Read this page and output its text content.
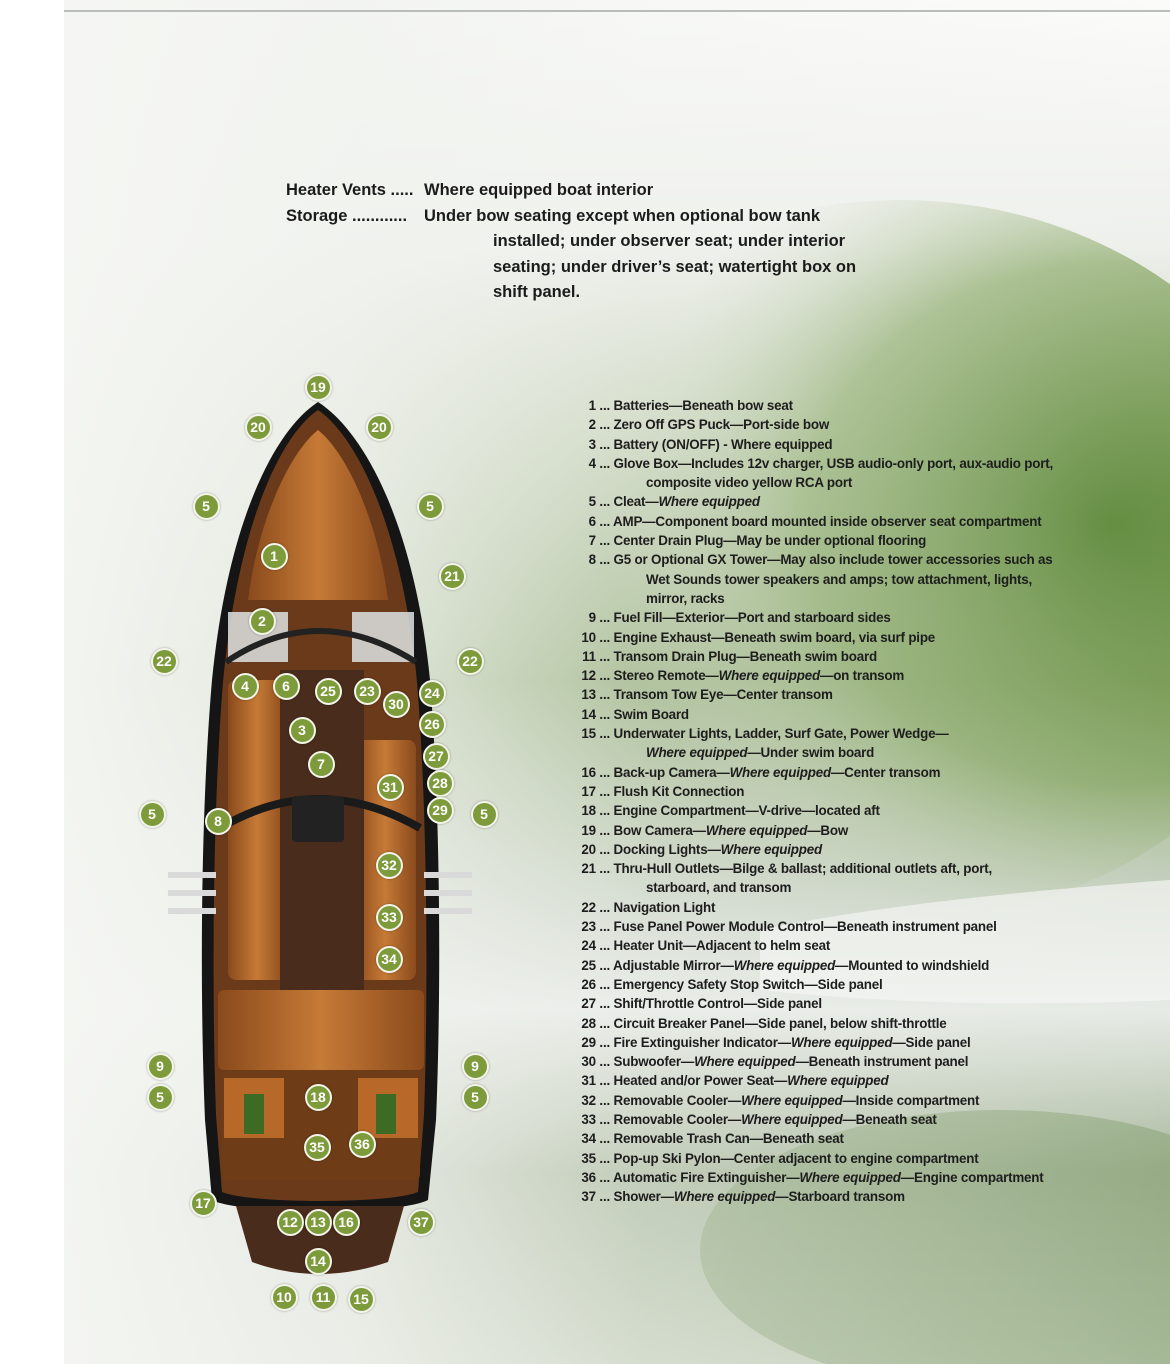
Heater Vents ..... Where equipped boat interior
Storage ............	Under bow seating except when optional bow tank
installed; under observer seat; under interior
seating; under driver’s seat; watertight box on
shift panel.
19
20	20
5	5
1
21
2
22	22
4	6	25	23
30
24
3	26
7	27
28
31
5	8
29	5
32
33
34
9	9
5	5
18
35	36
17
12 13 16	37
14
10	11	15
1 ... Batteries—Beneath bow seat
2 ... Zero Off GPS Puck—Port-side bow
3 ... Battery (ON/OFF) - Where equipped
4 ... Glove Box—Includes 12v charger, USB audio-only port, aux-audio port,
composite video yellow RCA port
5 ... Cleat—Where equipped
6 ... AMP—Component board mounted inside observer seat compartment
7 ... Center Drain Plug—May be under optional flooring
8 ... G5 or Optional GX Tower—May also include tower accessories such as
Wet Sounds tower speakers and amps; tow attachment, lights,
mirror, racks
9 ... Fuel Fill—Exterior—Port and starboard sides
10 ... Engine Exhaust—Beneath swim board, via surf pipe
11 ... Transom Drain Plug—Beneath swim board
12 ... Stereo Remote—Where equipped—on transom
13 ... Transom Tow Eye—Center transom
14 ... Swim Board
15 ... Underwater Lights, Ladder, Surf Gate, Power Wedge—
Where equipped—Under swim board
16 ... Back-up Camera—Where equipped—Center transom
17 ... Flush Kit Connection
18 ... Engine Compartment—V-drive—located aft
19 ... Bow Camera—Where equipped—Bow
20 ... Docking Lights—Where equipped
21 ... Thru-Hull Outlets—Bilge & ballast; additional outlets aft, port,
starboard, and transom
22 ... Navigation Light
23 ... Fuse Panel Power Module Control—Beneath instrument panel
24 ... Heater Unit—Adjacent to helm seat
25 ... Adjustable Mirror—Where equipped—Mounted to windshield
26 ... Emergency Safety Stop Switch—Side panel
27 ... Shift/Throttle Control—Side panel
28 ... Circuit Breaker Panel—Side panel, below shift-throttle
29 ... Fire Extinguisher Indicator—Where equipped—Side panel
30 ... Subwoofer—Where equipped—Beneath instrument panel
31 ... Heated and/or Power Seat—Where equipped
32 ... Removable Cooler—Where equipped—Inside compartment
33 ... Removable Cooler—Where equipped—Beneath seat
34 ... Removable Trash Can—Beneath seat
35 ... Pop-up Ski Pylon—Center adjacent to engine compartment
36 ... Automatic Fire Extinguisher—Where equipped—Engine compartment
37 ... Shower—Where equipped—Starboard transom
